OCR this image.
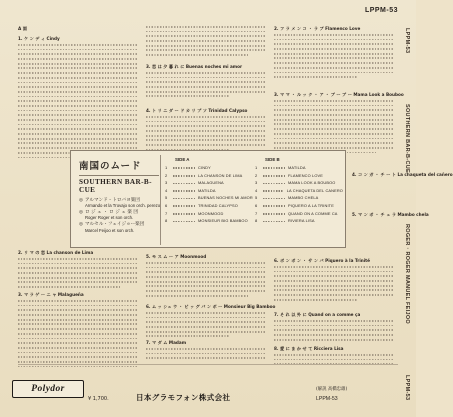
LPPM-53
LPPM-53
SOUTHERN BAR-B-CUE
ROGER · ROGER MANUEL FEIJOO
LPPM-53
A 面
1. ケ ン デ ィ Cindy
2. リ マ の 恋 La chanson de Lima
3. マ ラ ゲ ー ニ ャ Malagueña
3. 恋 は 夕 暮 れ に Buenas noches mi amor
4. ト リ ニ ダ ー ド カ リ プ ソ Trinidad Calypso
5. モ ス ム ー ア Moonmood
6. ム ッ シュ ウ ・ ビ ッ グ バ ン ボ ー Monsieur Big Bamboo
7. マ ダ ム Madam
2. フ ラ メ ン コ ・ ラ ブ Flamenco Love
3. マ マ ・ ル ッ ク ・ ア ・ ブ ー ブ ー Mama Look a Bouboo
4. コ ン ガ ・ チ ー ト La chaqueta del cañero
5. マ ン ボ ・ チ ェ ラ Mambo chela
6. ボ ン ボ ン ・ サ ン バ Piquero à la Trinité
7. そ れ 以 外 に Quand on a comme ça
8. 愛 に ま か せ て Ricciera Lisa
南国のムード
SOUTHERN BAR-B-CUE
◎ アルマンド・トロバヨ楽団
Armando et la Trovajo son orch. perezo
◎ ロ ジ ェ ・ ロ ジ ェ 楽 団
Roger Roger et son orch.
◎ マルセル・フェイジョー楽団
Marcel Feijoo et son orch.
SIDE A
1	CINDY
2	LA CHANSON DE LIMA
3	MALAGUENA
4	MATILDA
5	BUENAS NOCHES MI AMOR
6	TRINIDAD CALYPSO
7	MOONMOOD
8	MONSIEUR BIG BAMBOO
SIDE B
1	MATILDA
2	FLAMENCO LOVE
3	MAMA LOOK A BOUBOO
4	LA CHAQUETA DEL CANERO
5	MAMBO CHELA
6	PIQUERO A LA TRINITE
7	QUAND ON A COMME CA
8	RIVIERA LISA
Polydor
¥ 1,700.	日本グラモフォン株式会社
(解説 高橋忠雄)
LPPM-53
